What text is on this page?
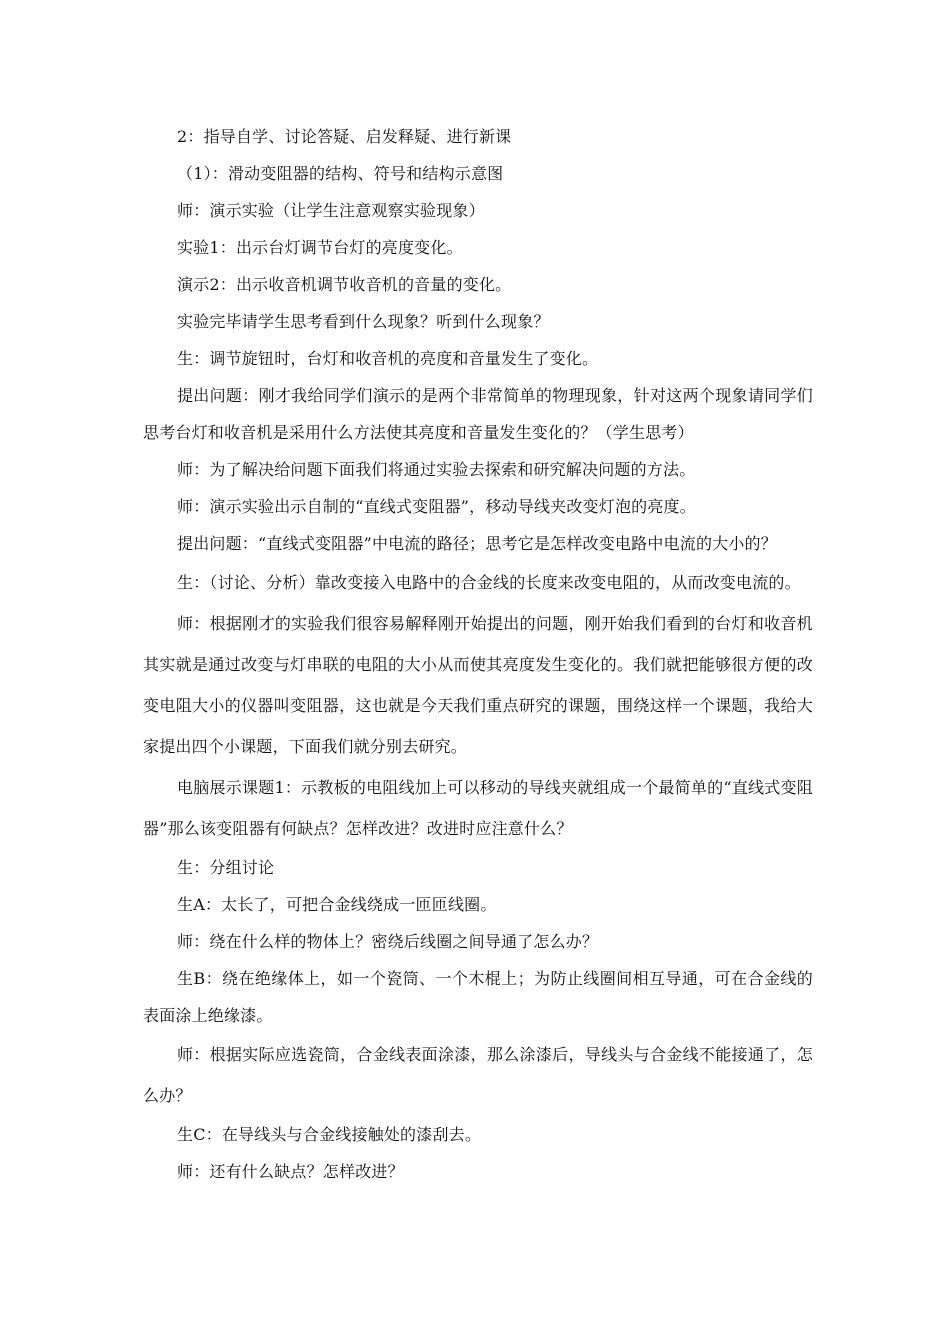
2：指导自学、讨论答疑、启发释疑、进行新课

（1）：滑动变阻器的结构、符号和结构示意图

师：演示实验（让学生注意观察实验现象）

实验1：出示台灯调节台灯的亮度变化。

演示2：出示收音机调节收音机的音量的变化。

实验完毕请学生思考看到什么现象？听到什么现象？

生：调节旋钮时，台灯和收音机的亮度和音量发生了变化。

提出问题：刚才我给同学们演示的是两个非常简单的物理现象，针对这两个现象请同学们思考台灯和收音机是采用什么方法使其亮度和音量发生变化的？（学生思考）

师：为了解决给问题下面我们将通过实验去探索和研究解决问题的方法。

师：演示实验出示自制的“直线式变阻器”，移动导线夹改变灯泡的亮度。

提出问题：“直线式变阻器”中电流的路径；思考它是怎样改变电路中电流的大小的？

生：（讨论、分析）靠改变接入电路中的合金线的长度来改变电阻的，从而改变电流的。

师：根据刚才的实验我们很容易解释刚开始提出的问题，刚开始我们看到的台灯和收音机其实就是通过改变与灯串联的电阻的大小从而使其亮度发生变化的。我们就把能够很方便的改变电阻大小的仪器叫变阻器，这也就是今天我们重点研究的课题，围绕这样一个课题，我给大家提出四个小课题，下面我们就分别去研究。

电脑展示课题1：示教板的电阻线加上可以移动的导线夹就组成一个最简单的“直线式变阻器”那么该变阻器有何缺点？怎样改进？改进时应注意什么？

生：分组讨论

生A：太长了，可把合金线绕成一匝匝线圈。

师：绕在什么样的物体上？密绕后线圈之间导通了怎么办？

生B：绕在绝缘体上，如一个瓷筒、一个木棍上；为防止线圈间相互导通，可在合金线的表面涂上绝缘漆。

师：根据实际应选瓷筒，合金线表面涂漆，那么涂漆后，导线头与合金线不能接通了，怎么办？

生C：在导线头与合金线接触处的漆刮去。

师：还有什么缺点？怎样改进？
